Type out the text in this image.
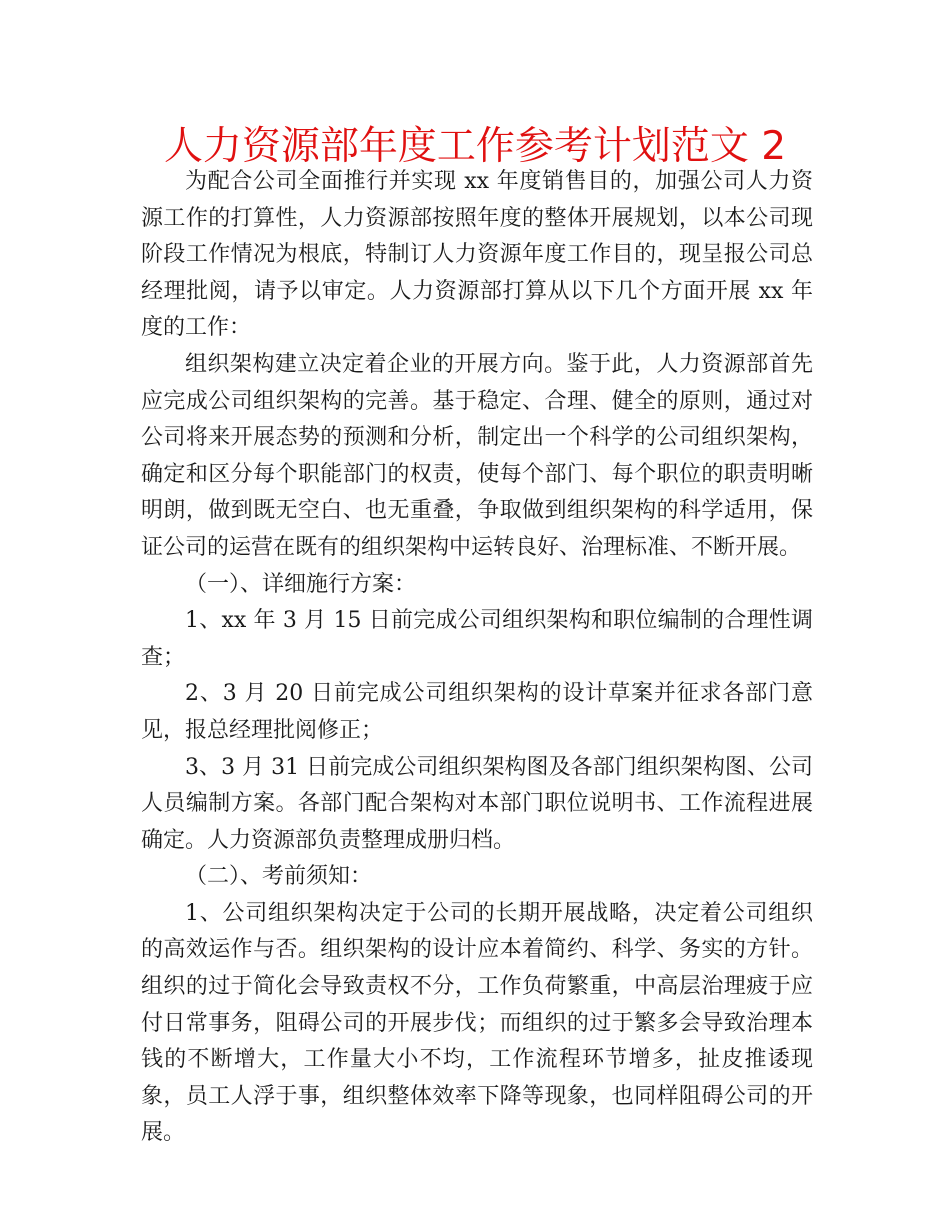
人力资源部年度工作参考计划范文 2

为配合公司全面推行并实现 xx 年度销售目的，加强公司人力资源工作的打算性，人力资源部按照年度的整体开展规划，以本公司现阶段工作情况为根底，特制订人力资源年度工作目的，现呈报公司总经理批阅，请予以审定。人力资源部打算从以下几个方面开展 xx 年度的工作：

组织架构建立决定着企业的开展方向。鉴于此，人力资源部首先应完成公司组织架构的完善。基于稳定、合理、健全的原则，通过对公司将来开展态势的预测和分析，制定出一个科学的公司组织架构，确定和区分每个职能部门的权责，使每个部门、每个职位的职责明晰明朗，做到既无空白、也无重叠，争取做到组织架构的科学适用，保证公司的运营在既有的组织架构中运转良好、治理标准、不断开展。

（一）、详细施行方案：

1、xx 年 3 月 15 日前完成公司组织架构和职位编制的合理性调查；

2、3 月 20 日前完成公司组织架构的设计草案并征求各部门意见，报总经理批阅修正；

3、3 月 31 日前完成公司组织架构图及各部门组织架构图、公司人员编制方案。各部门配合架构对本部门职位说明书、工作流程进展确定。人力资源部负责整理成册归档。

（二）、考前须知：

1、公司组织架构决定于公司的长期开展战略，决定着公司组织的高效运作与否。组织架构的设计应本着简约、科学、务实的方针。组织的过于简化会导致责权不分，工作负荷繁重，中高层治理疲于应付日常事务，阻碍公司的开展步伐；而组织的过于繁多会导致治理本钱的不断增大，工作量大小不均，工作流程环节增多，扯皮推诿现象，员工人浮于事，组织整体效率下降等现象，也同样阻碍公司的开展。
